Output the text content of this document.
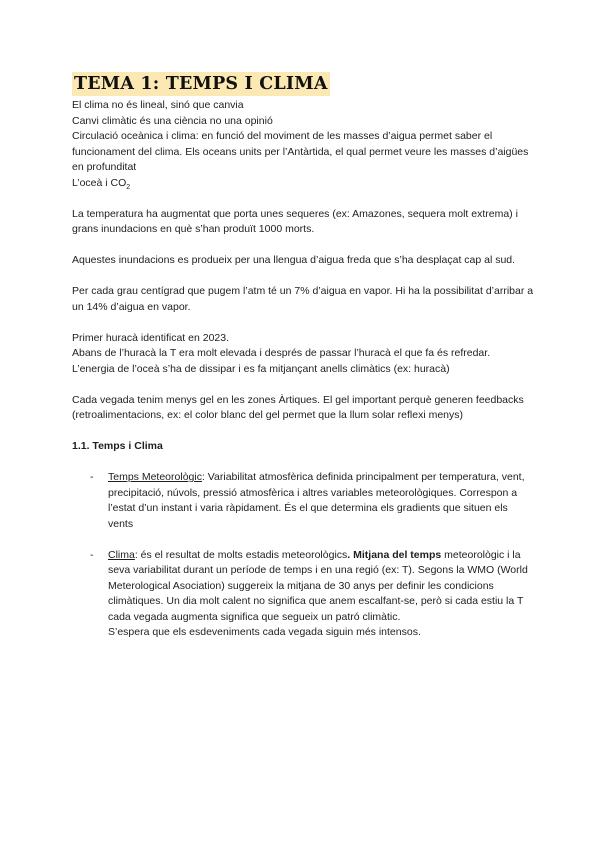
TEMA 1: TEMPS I CLIMA

El clima no és lineal, sinó que canvia

Canvi climàtic és una ciència no una opinió

Circulació oceànica i clima: en funció del moviment de les masses d’aigua permet saber el funcionament del clima. Els oceans units per l’Antàrtida, el qual permet veure les masses d’aigües en profunditat

L’oceà i $CO_2$

La temperatura ha augmentat que porta unes sequeres (ex: Amazones, sequera molt extrema) i grans inundacions en què s’han produït 1000 morts.

Aquestes inundacions es produeix per una llengua d’aigua freda que s’ha desplaçat cap al sud.

Per cada grau centígrad que pugem l’atm té un 7% d’aigua en vapor. Hi ha la possibilitat d’arribar a un 14% d’aigua en vapor.

Primer huracà identificat en 2023.

Abans de l’huracà la T era molt elevada i després de passar l’huracà el que fa és refredar.

L’energia de l’oceà s’ha de dissipar i es fa mitjançant anells climàtics (ex: huracà)

Cada vegada tenim menys gel en les zones Àrtiques. El gel important perquè generen feedbacks (retroalimentacions, ex: el color blanc del gel permet que la llum solar reflexi menys)

1.1. Temps i Clima

- Temps Meteorològic: Variabilitat atmosfèrica definida principalment per temperatura, vent, precipitació, núvols, pressió atmosfèrica i altres variables meteorològiques. Correspon a l’estat d’un instant i varia ràpidament. És el que determina els gradients que situen els vents
- Clima: és el resultat de molts estadis meteorològics. Mitjana del temps meteorològic i la seva variabilitat durant un període de temps i en una regió (ex: T). Segons la WMO (World Meterological Asociation) suggereix la mitjana de 30 anys per definir les condicions climàtiques. Un dia molt calent no significa que anem escalfant-se, però si cada estiu la T cada vegada augmenta significa que segueix un patró climàtic.
S’espera que els esdeveniments cada vegada siguin més intensos.
